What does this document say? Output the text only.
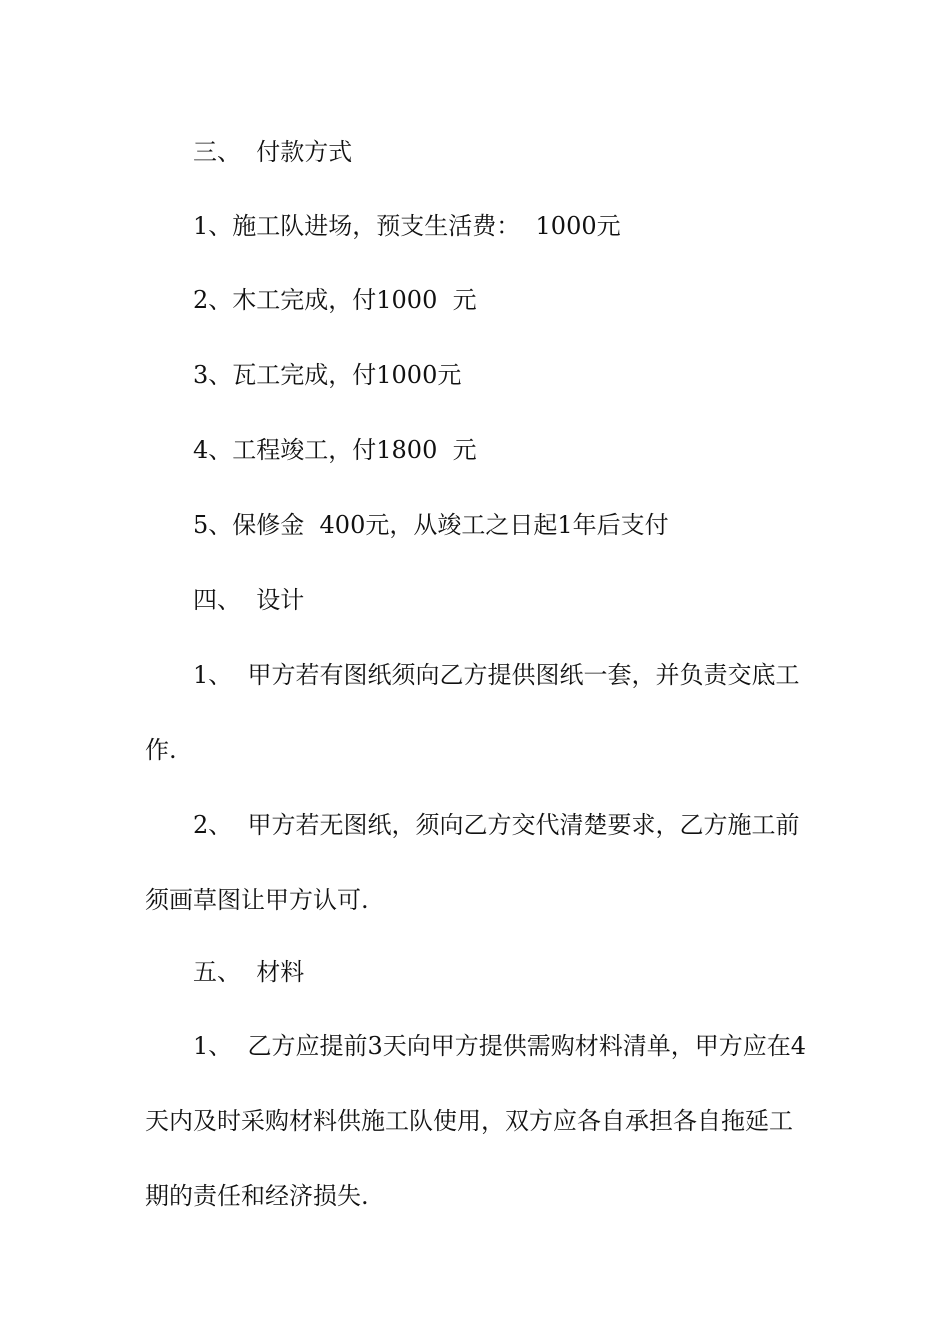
三、  付款方式
1、施工队进场，预支生活费：  1000元
2、木工完成，付1000  元
3、瓦工完成，付1000元
4、工程竣工，付1800  元
5、保修金  400元，从竣工之日起1年后支付
四、  设计
1、  甲方若有图纸须向乙方提供图纸一套，并负责交底工
作.
2、  甲方若无图纸，须向乙方交代清楚要求，乙方施工前
须画草图让甲方认可.
五、  材料
1、  乙方应提前3天向甲方提供需购材料清单，甲方应在4
天内及时采购材料供施工队使用，双方应各自承担各自拖延工
期的责任和经济损失.
